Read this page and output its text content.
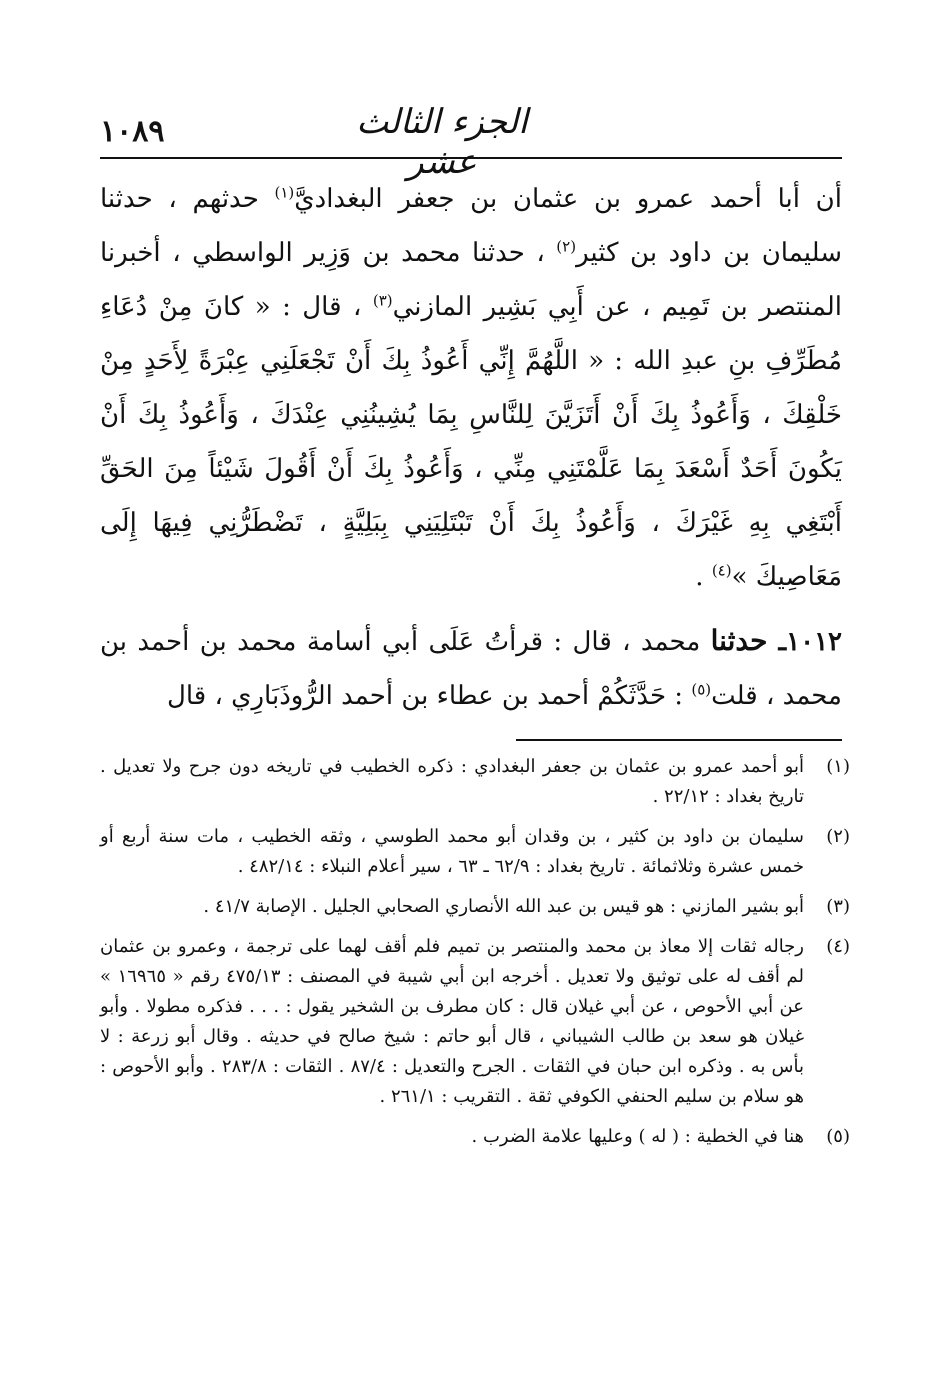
الجزء الثالث عشر
١٠٨٩

أن أبا أحمد عمرو بن عثمان بن جعفر البغداديَّ$^{(١)}$ حدثهم ، حدثنا سليمان بن داود بن كثير$^{(٢)}$ ، حدثنا محمد بن وَزِير الواسطي ، أخبرنا المنتصر بن تَمِيم ، عن أَبِي بَشِير المازني$^{(٣)}$ ، قال : « كانَ مِنْ دُعَاءِ مُطَرِّفِ بنِ عبدِ الله : « اللَّهُمَّ إِنِّي أَعُوذُ بِكَ أَنْ تَجْعَلَنِي عِبْرَةً لِأَحَدٍ مِنْ خَلْقِكَ ، وَأَعُوذُ بِكَ أَنْ أَتَزَيَّنَ لِلنَّاسِ بِمَا يُشِينُنِي عِنْدَكَ ، وَأَعُوذُ بِكَ أَنْ يَكُونَ أَحَدٌ أَسْعَدَ بِمَا عَلَّمْتَنِي مِنِّي ، وَأَعُوذُ بِكَ أَنْ أَقُولَ شَيْئاً مِنَ الحَقِّ أَبْتَغِي بِهِ غَيْرَكَ ، وَأَعُوذُ بِكَ أَنْ تَبْتَلِيَنِي بِبَلِيَّةٍ ، تَضْطَرُّنِي فِيهَا إِلَى مَعَاصِيكَ »$^{(٤)}$ .

١٠١٢ـ حدثنا محمد ، قال : قرأتُ عَلَى أبي أسامة محمد بن أحمد بن محمد ، قلت$^{(٥)}$ : حَدَّثَكُمْ أحمد بن عطاء بن أحمد الرُّوذَبَارِي ، قال

(١)
أبو أحمد عمرو بن عثمان بن جعفر البغدادي : ذكره الخطيب في تاريخه دون جرح ولا تعديل . تاريخ بغداد : ٢٢/١٢ .
(٢)
سليمان بن داود بن كثير ، بن وقدان أبو محمد الطوسي ، وثقه الخطيب ، مات سنة أربع أو خمس عشرة وثلاثمائة . تاريخ بغداد : ٦٢/٩ ـ ٦٣ ، سير أعلام النبلاء : ٤٨٢/١٤ .
(٣)
أبو بشير المازني : هو قيس بن عبد الله الأنصاري الصحابي الجليل . الإصابة ٤١/٧ .
(٤)
رجاله ثقات إلا معاذ بن محمد والمنتصر بن تميم فلم أقف لهما على ترجمة ، وعمرو بن عثمان لم أقف له على توثيق ولا تعديل . أخرجه ابن أبي شيبة في المصنف : ٤٧٥/١٣ رقم « ١٦٩٦٥ » عن أبي الأحوص ، عن أبي غيلان قال : كان مطرف بن الشخير يقول : . . . فذكره مطولا . وأبو غيلان هو سعد بن طالب الشيباني ، قال أبو حاتم : شيخ صالح في حديثه . وقال أبو زرعة : لا بأس به . وذكره ابن حبان في الثقات . الجرح والتعديل : ٨٧/٤ . الثقات : ٢٨٣/٨ . وأبو الأحوص : هو سلام بن سليم الحنفي الكوفي ثقة . التقريب : ٢٦١/١ .
(٥)
هنا في الخطية : ( له ) وعليها علامة الضرب .
